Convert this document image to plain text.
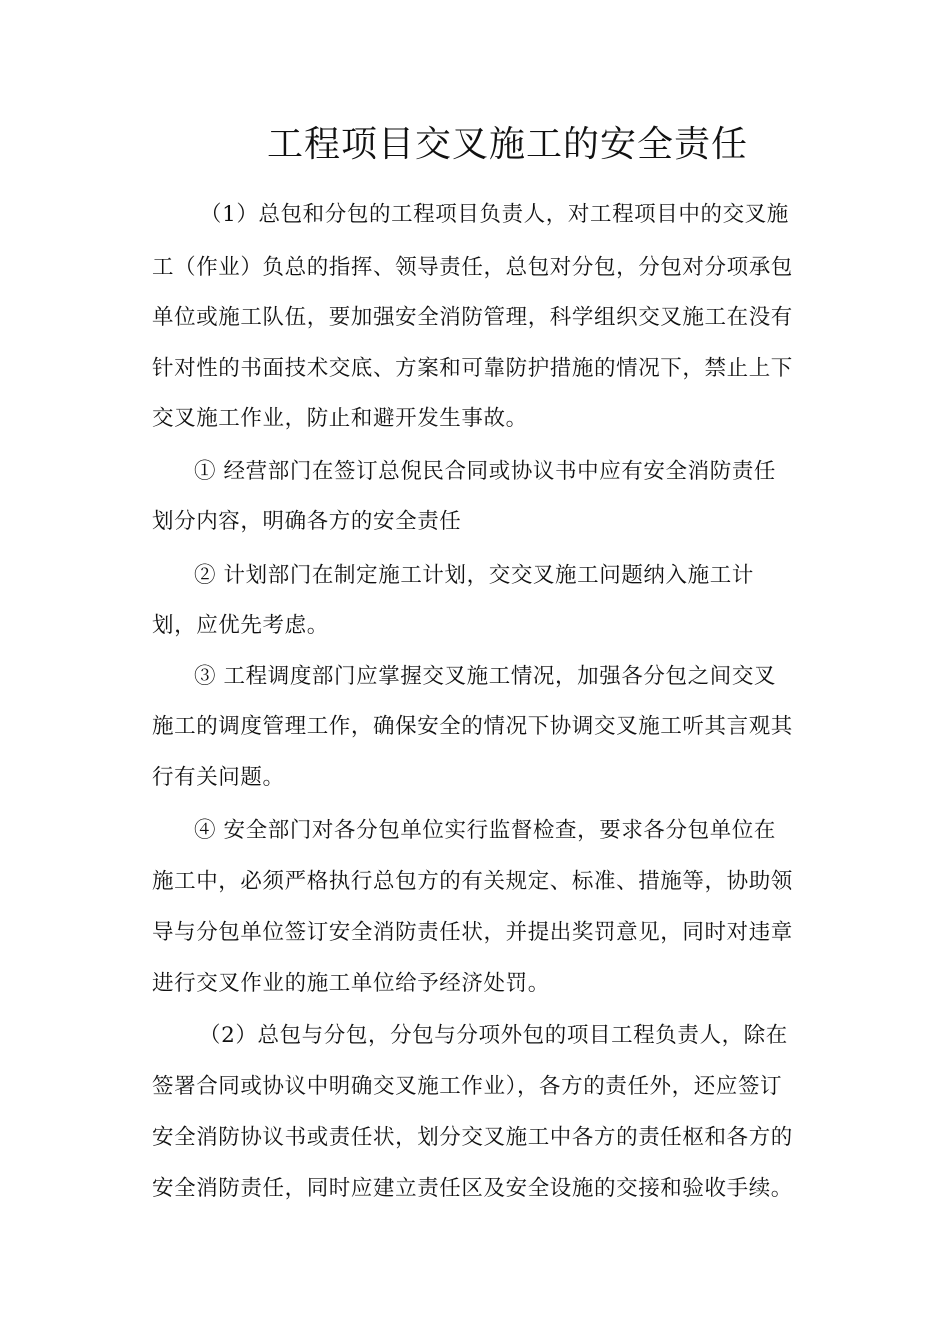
工程项目交叉施工的安全责任
（1）总包和分包的工程项目负责人，对工程项目中的交叉施
工（作业）负总的指挥、领导责任，总包对分包，分包对分项承包
单位或施工队伍，要加强安全消防管理，科学组织交叉施工在没有
针对性的书面技术交底、方案和可靠防护措施的情况下，禁止上下
交叉施工作业，防止和避开发生事故。
① 经营部门在签订总倪民合同或协议书中应有安全消防责任
划分内容，明确各方的安全责任
② 计划部门在制定施工计划，交交叉施工问题纳入施工计
划，应优先考虑。
③ 工程调度部门应掌握交叉施工情况，加强各分包之间交叉
施工的调度管理工作，确保安全的情况下协调交叉施工听其言观其
行有关问题。
④ 安全部门对各分包单位实行监督检查，要求各分包单位在
施工中，必须严格执行总包方的有关规定、标准、措施等，协助领
导与分包单位签订安全消防责任状，并提出奖罚意见，同时对违章
进行交叉作业的施工单位给予经济处罚。
（2）总包与分包，分包与分项外包的项目工程负责人，除在
签署合同或协议中明确交叉施工作业），各方的责任外，还应签订
安全消防协议书或责任状，划分交叉施工中各方的责任枢和各方的
安全消防责任，同时应建立责任区及安全设施的交接和验收手续。
